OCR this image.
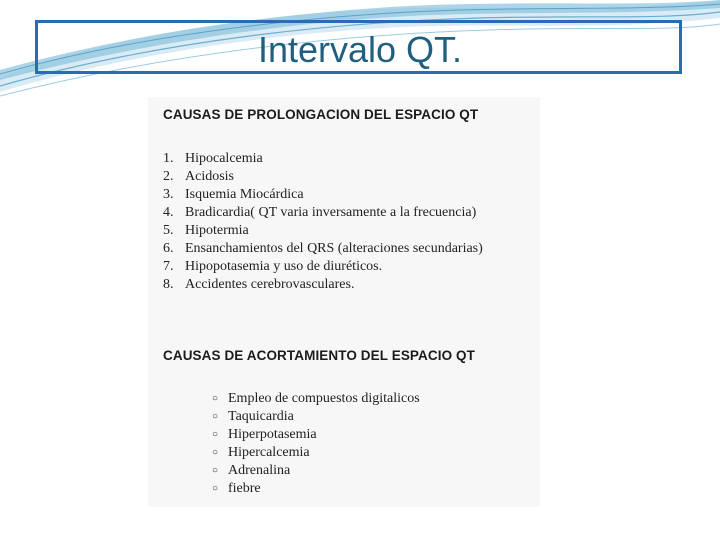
Intervalo QT.
CAUSAS DE PROLONGACION DEL ESPACIO QT
1. Hipocalcemia
2. Acidosis
3. Isquemia Miocárdica
4. Bradicardia( QT varia inversamente a la frecuencia)
5. Hipotermia
6. Ensanchamientos del QRS (alteraciones secundarias)
7. Hipopotasemia y uso de diuréticos.
8. Accidentes cerebrovasculares.
CAUSAS DE ACORTAMIENTO DEL ESPACIO QT
○ Empleo de compuestos digitalicos
○ Taquicardia
○ Hiperpotasemia
○ Hipercalcemia
○ Adrenalina
○ fiebre
